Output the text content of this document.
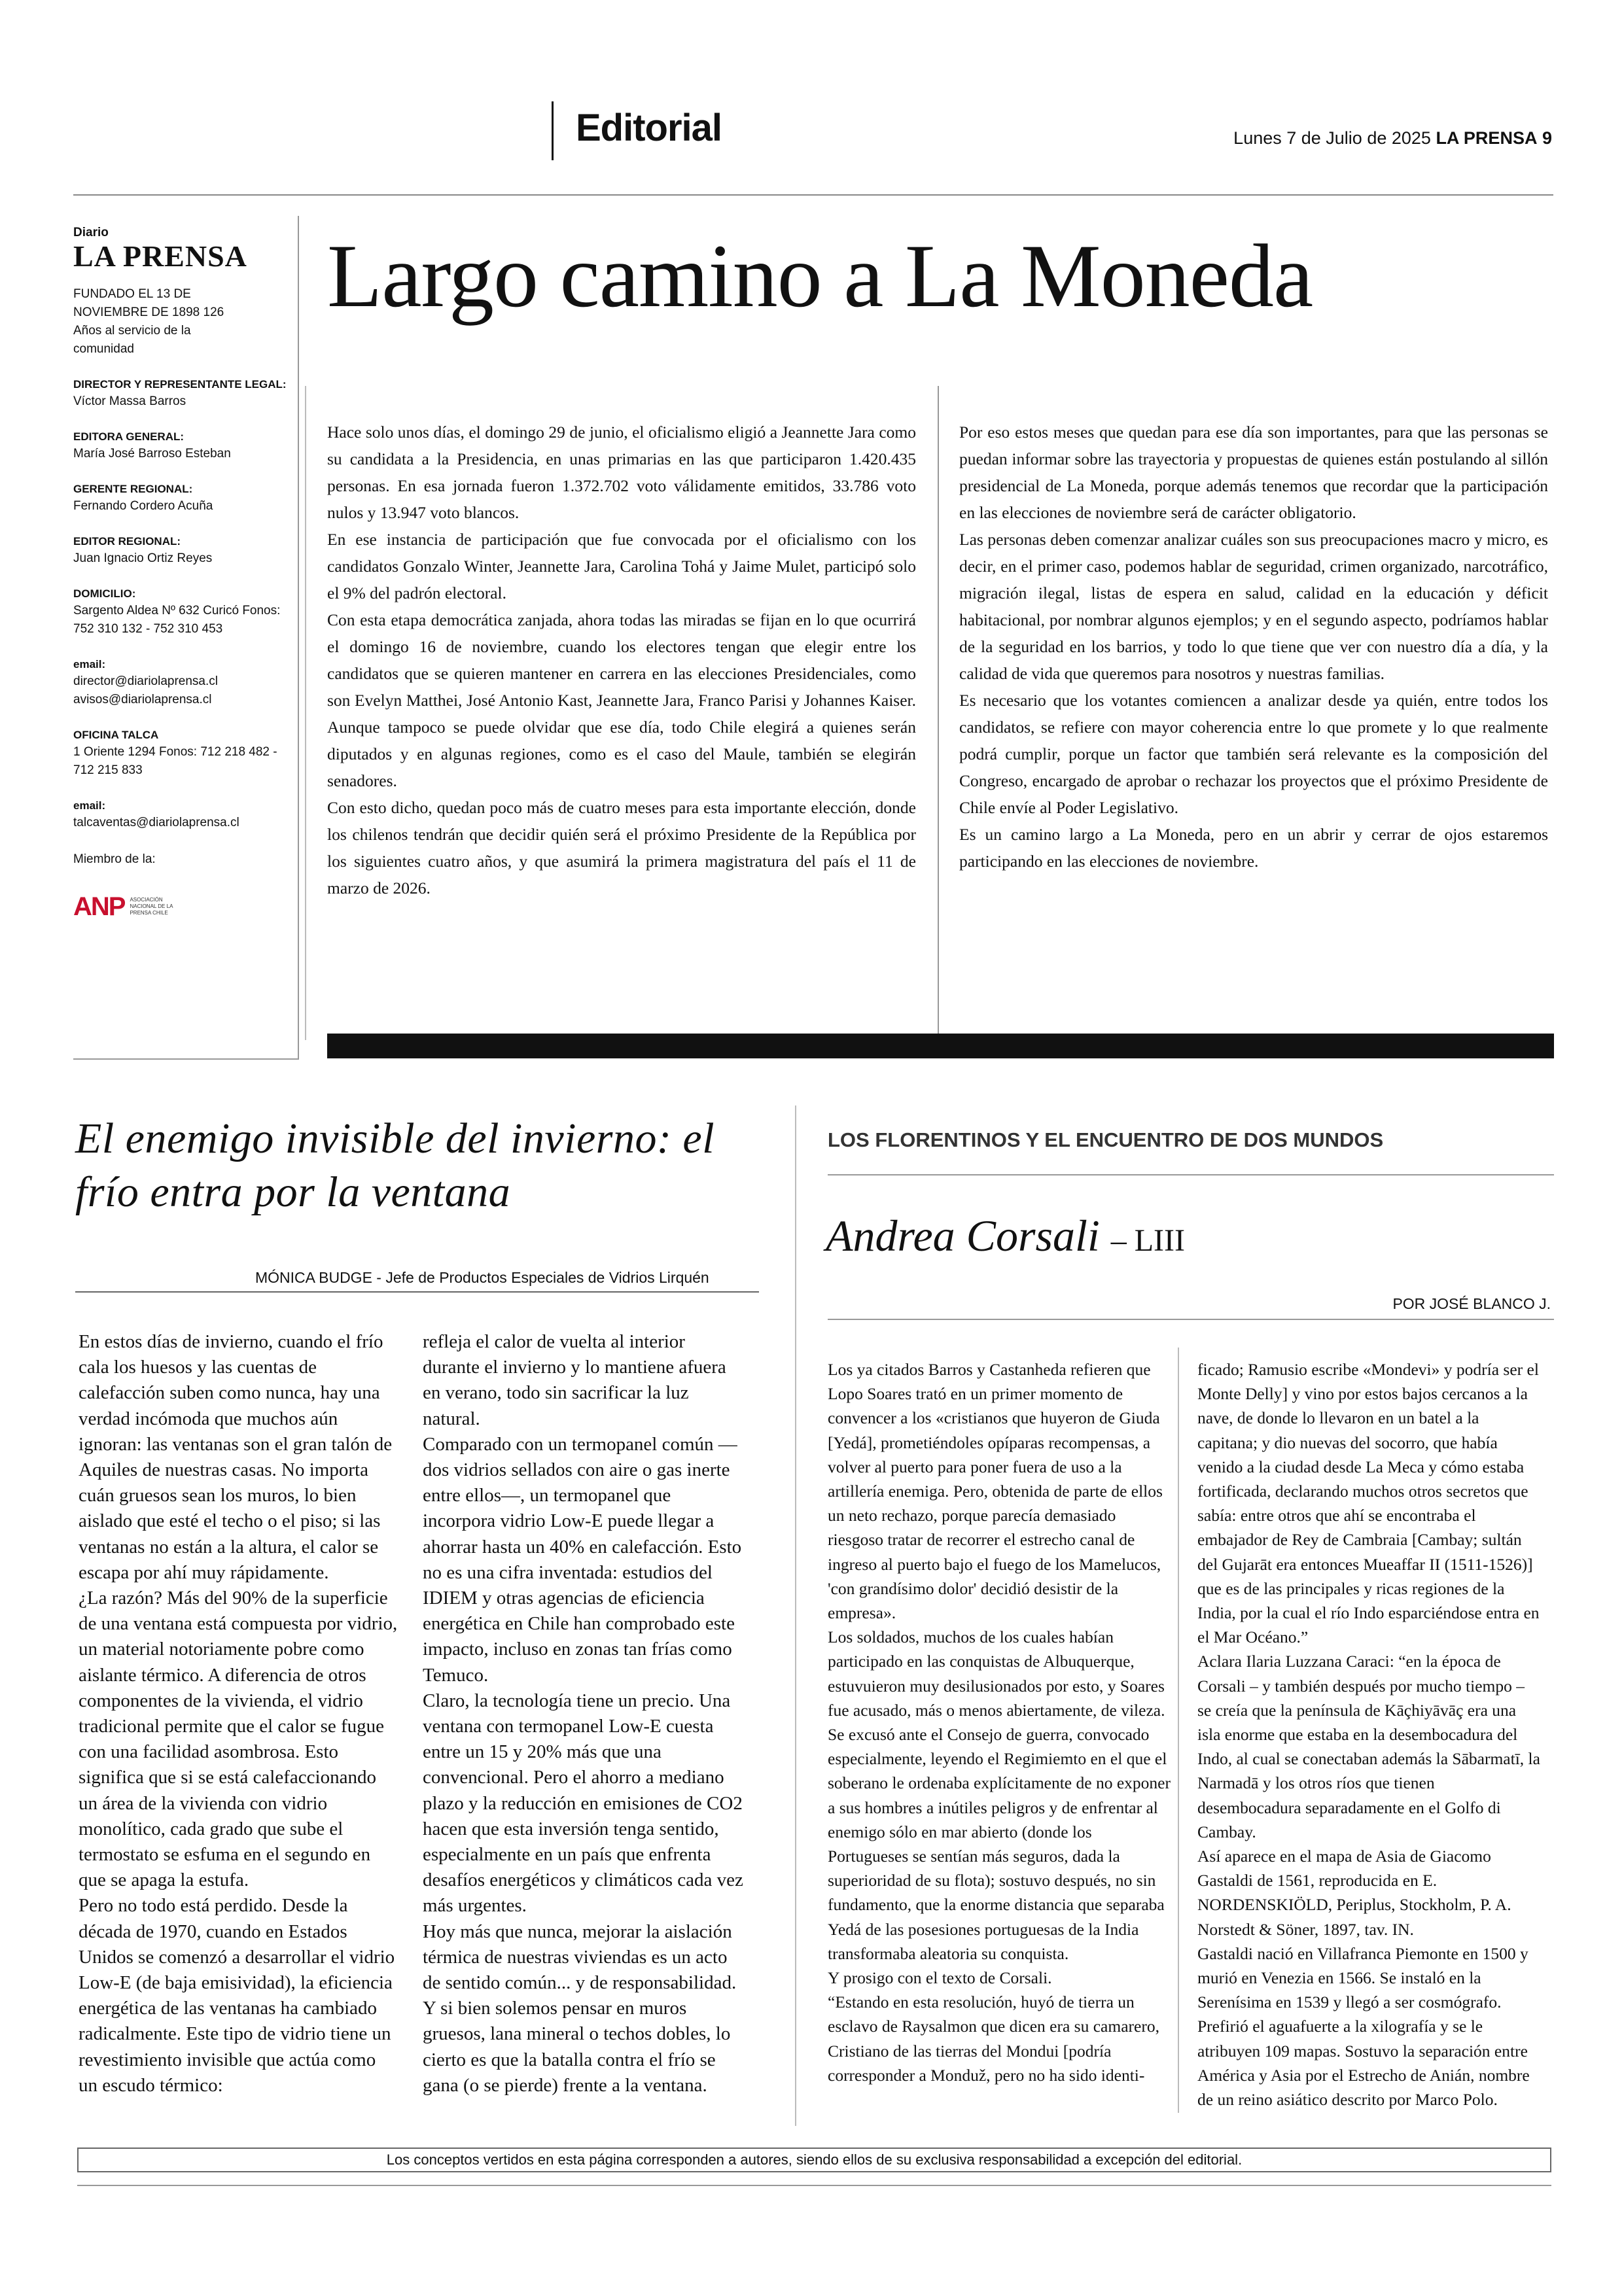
Editorial	Lunes 7 de Julio de 2025 LA PRENSA 9
Diario
LA PRENSA
FUNDADO EL 13 DE NOVIEMBRE DE 1898 126 Años al servicio de la comunidad
DIRECTOR Y REPRESENTANTE LEGAL:
Víctor Massa Barros
EDITORA GENERAL:
María José Barroso Esteban
GERENTE REGIONAL:
Fernando Cordero Acuña
EDITOR REGIONAL:
Juan Ignacio Ortiz Reyes
DOMICILIO:
Sargento Aldea Nº 632 Curicó Fonos: 752 310 132 - 752 310 453
email:
director@diariolaprensa.cl avisos@diariolaprensa.cl
OFICINA TALCA
1 Oriente 1294 Fonos: 712 218 482 - 712 215 833
email:
talcaventas@diariolaprensa.cl
Miembro de la:
ANP ASOCIACIÓN NACIONAL DE LA PRENSA CHILE
Largo camino a La Moneda

Hace solo unos días, el domingo 29 de junio, el oficialismo eligió a Jeannette Jara como su candidata a la Presidencia, en unas primarias en las que participaron 1.420.435 personas. En esa jornada fueron 1.372.702 voto válidamente emitidos, 33.786 voto nulos y 13.947 voto blancos.

En ese instancia de participación que fue convocada por el oficialismo con los candidatos Gonzalo Winter, Jeannette Jara, Carolina Tohá y Jaime Mulet, participó solo el 9% del padrón electoral.

Con esta etapa democrática zanjada, ahora todas las miradas se fijan en lo que ocurrirá el domingo 16 de noviembre, cuando los electores tengan que elegir entre los candidatos que se quieren mantener en carrera en las elecciones Presidenciales, como son Evelyn Matthei, José Antonio Kast, Jeannette Jara, Franco Parisi y Johannes Kaiser. Aunque tampoco se puede olvidar que ese día, todo Chile elegirá a quienes serán diputados y en algunas regiones, como es el caso del Maule, también se elegirán senadores.

Con esto dicho, quedan poco más de cuatro meses para esta importante elección, donde los chilenos tendrán que decidir quién será el próximo Presidente de la República por los siguientes cuatro años, y que asumirá la primera magistratura del país el 11 de marzo de 2026.

Por eso estos meses que quedan para ese día son importantes, para que las personas se puedan informar sobre las trayectoria y propuestas de quienes están postulando al sillón presidencial de La Moneda, porque además tenemos que recordar que la participación en las elecciones de noviembre será de carácter obligatorio.

Las personas deben comenzar analizar cuáles son sus preocupaciones macro y micro, es decir, en el primer caso, podemos hablar de seguridad, crimen organizado, narcotráfico, migración ilegal, listas de espera en salud, calidad en la educación y déficit habitacional, por nombrar algunos ejemplos; y en el segundo aspecto, podríamos hablar de la seguridad en los barrios, y todo lo que tiene que ver con nuestro día a día, y la calidad de vida que queremos para nosotros y nuestras familias.

Es necesario que los votantes comiencen a analizar desde ya quién, entre todos los candidatos, se refiere con mayor coherencia entre lo que promete y lo que realmente podrá cumplir, porque un factor que también será relevante es la composición del Congreso, encargado de aprobar o rechazar los proyectos que el próximo Presidente de Chile envíe al Poder Legislativo.

Es un camino largo a La Moneda, pero en un abrir y cerrar de ojos estaremos participando en las elecciones de noviembre.

El enemigo invisible del invierno: el frío entra por la ventana
MÓNICA BUDGE - Jefe de Productos Especiales de Vidrios Lirquén

En estos días de invierno, cuando el frío cala los huesos y las cuentas de calefacción suben como nunca, hay una verdad incómoda que muchos aún ignoran: las ventanas son el gran talón de Aquiles de nuestras casas. No importa cuán gruesos sean los muros, lo bien aislado que esté el techo o el piso; si las ventanas no están a la altura, el calor se escapa por ahí muy rápidamente.

¿La razón? Más del 90% de la superficie de una ventana está compuesta por vidrio, un material notoriamente pobre como aislante térmico. A diferencia de otros componentes de la vivienda, el vidrio tradicional permite que el calor se fugue con una facilidad asombrosa. Esto significa que si se está calefaccionando un área de la vivienda con vidrio monolítico, cada grado que sube el termostato se esfuma en el segundo en que se apaga la estufa.

Pero no todo está perdido. Desde la década de 1970, cuando en Estados Unidos se comenzó a desarrollar el vidrio Low-E (de baja emisividad), la eficiencia energética de las ventanas ha cambiado radicalmente. Este tipo de vidrio tiene un revestimiento invisible que actúa como un escudo térmico:

refleja el calor de vuelta al interior durante el invierno y lo mantiene afuera en verano, todo sin sacrificar la luz natural.

Comparado con un termopanel común —dos vidrios sellados con aire o gas inerte entre ellos—, un termopanel que incorpora vidrio Low-E puede llegar a ahorrar hasta un 40% en calefacción. Esto no es una cifra inventada: estudios del IDIEM y otras agencias de eficiencia energética en Chile han comprobado este impacto, incluso en zonas tan frías como Temuco.

Claro, la tecnología tiene un precio. Una ventana con termopanel Low-E cuesta entre un 15 y 20% más que una convencional. Pero el ahorro a mediano plazo y la reducción en emisiones de CO2 hacen que esta inversión tenga sentido, especialmente en un país que enfrenta desafíos energéticos y climáticos cada vez más urgentes.

Hoy más que nunca, mejorar la aislación térmica de nuestras viviendas es un acto de sentido común... y de responsabilidad. Y si bien solemos pensar en muros gruesos, lana mineral o techos dobles, lo cierto es que la batalla contra el frío se gana (o se pierde) frente a la ventana.

LOS FLORENTINOS Y EL ENCUENTRO DE DOS MUNDOS
Andrea Corsali – LIII
POR JOSÉ BLANCO J.

Los ya citados Barros y Castanheda refieren que Lopo Soares trató en un primer momento de convencer a los «cristianos que huyeron de Giuda [Yedá], prometiéndoles opíparas recompensas, a volver al puerto para poner fuera de uso a la artillería enemiga. Pero, obtenida de parte de ellos un neto rechazo, porque parecía demasiado riesgoso tratar de recorrer el estrecho canal de ingreso al puerto bajo el fuego de los Mamelucos, 'con grandísimo dolor' decidió desistir de la empresa».

Los soldados, muchos de los cuales habían participado en las conquistas de Albuquerque, estuvuieron muy desilusionados por esto, y Soares fue acusado, más o menos abiertamente, de vileza. Se excusó ante el Consejo de guerra, convocado especialmente, leyendo el Regimiemto en el que el soberano le ordenaba explícitamente de no exponer a sus hombres a inútiles peligros y de enfrentar al enemigo sólo en mar abierto (donde los Portugueses se sentían más seguros, dada la superioridad de su flota); sostuvo después, no sin fundamento, que la enorme distancia que separaba Yedá de las posesiones portuguesas de la India transformaba aleatoria su conquista.

Y prosigo con el texto de Corsali.

“Estando en esta resolución, huyó de tierra un esclavo de Raysalmon que dicen era su camarero, Cristiano de las tierras del Mondui [podría corresponder a Monduž, pero no ha sido identi-

ficado; Ramusio escribe «Mondevi» y podría ser el Monte Delly] y vino por estos bajos cercanos a la nave, de donde lo llevaron en un batel a la capitana; y dio nuevas del socorro, que había venido a la ciudad desde La Meca y cómo estaba fortificada, declarando muchos otros secretos que sabía: entre otros que ahí se encontraba el embajador de Rey de Cambraia [Cambay; sultán del Gujarāt era entonces Mueaffar II (1511-1526)] que es de las principales y ricas regiones de la India, por la cual el río Indo esparciéndose entra en el Mar Océano.”

Aclara Ilaria Luzzana Caraci: “en la época de Corsali – y también después por mucho tiempo – se creía que la península de Kāçhiyāvāç era una isla enorme que estaba en la desembocadura del Indo, al cual se conectaban además la Sābarmatī, la Narmadā y los otros ríos que tienen desembocadura separadamente en el Golfo di Cambay.

Así aparece en el mapa de Asia de Giacomo Gastaldi de 1561, reproducida en E. NORDENSKIÖLD, Periplus, Stockholm, P. A. Norstedt & Söner, 1897, tav. IN.

Gastaldi nació en Villafranca Piemonte en 1500 y murió en Venezia en 1566. Se instaló en la Serenísima en 1539 y llegó a ser cosmógrafo. Prefirió el aguafuerte a la xilografía y se le atribuyen 109 mapas. Sostuvo la separación entre América y Asia por el Estrecho de Anián, nombre de un reino asiático descrito por Marco Polo.

Los conceptos vertidos en esta página corresponden a autores, siendo ellos de su exclusiva responsabilidad a excepción del editorial.
